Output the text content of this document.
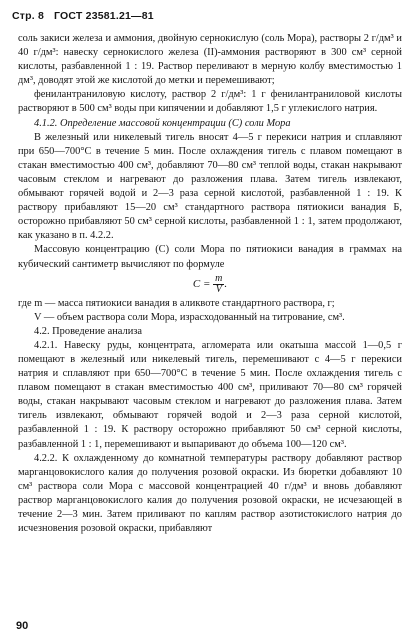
Стр. 8 ГОСТ 23581.21—81

соль закиси железа и аммония, двойную сернокислую (соль Мора), растворы 2 г/дм³ и 40 г/дм³: навеску сернокислого железа (II)-аммония растворяют в 300 см³ серной кислоты, разбавленной 1 : 19. Раствор переливают в мерную колбу вместимостью 1 дм³, доводят этой же кислотой до метки и перемешивают;

фенилантраниловую кислоту, раствор 2 г/дм³: 1 г фенилантраниловой кислоты растворяют в 500 см³ воды при кипячении и добавляют 1,5 г углекислого натрия.

4.1.2. Определение массовой концентрации (С) соли Мора

В железный или никелевый тигель вносят 4—5 г перекиси натрия и сплавляют при 650—700°С в течение 5 мин. После охлаждения тигель с плавом помещают в стакан вместимостью 400 см³, добавляют 70—80 см³ теплой воды, стакан накрывают часовым стеклом и нагревают до разложения плава. Затем тигель извлекают, обмывают горячей водой и 2—3 раза серной кислотой, разбавленной 1 : 19. К раствору прибавляют 15—20 см³ стандартного раствора пятиокиси ванадия Б, осторожно прибавляют 50 см³ серной кислоты, разбавленной 1 : 1, затем продолжают, как указано в п. 4.2.2.

Массовую концентрацию (С) соли Мора по пятиокиси ванадия в граммах на кубический сантиметр вычисляют по формуле

$C = \frac{m}{V}$ .

где m — масса пятиокиси ванадия в аликвоте стандартного раствора, г;

V — объем раствора соли Мора, израсходованный на титрование, см³.

4.2. Проведение анализа

4.2.1. Навеску руды, концентрата, агломерата или окатыша массой 1—0,5 г помещают в железный или никелевый тигель, перемешивают с 4—5 г перекиси натрия и сплавляют при 650—700°С в течение 5 мин. После охлаждения тигель с плавом помещают в стакан вместимостью 400 см³, приливают 70—80 см³ горячей воды, стакан накрывают часовым стеклом и нагревают до разложения плава. Затем тигель извлекают, обмывают горячей водой и 2—3 раза серной кислотой, разбавленной 1 : 19. К раствору осторожно прибавляют 50 см³ серной кислоты, разбавленной 1 : 1, перемешивают и выпаривают до объема 100—120 см³.

4.2.2. К охлажденному до комнатной температуры раствору добавляют раствор марганцовокислого калия до получения розовой окраски. Из бюретки добавляют 10 см³ раствора соли Мора с массовой концентрацией 40 г/дм³ и вновь добавляют раствор марганцовокислого калия до получения розовой окраски, не исчезающей в течение 2—3 мин. Затем приливают по каплям раствор азотистокислого натрия до исчезновения розовой окраски, прибавляют

90
